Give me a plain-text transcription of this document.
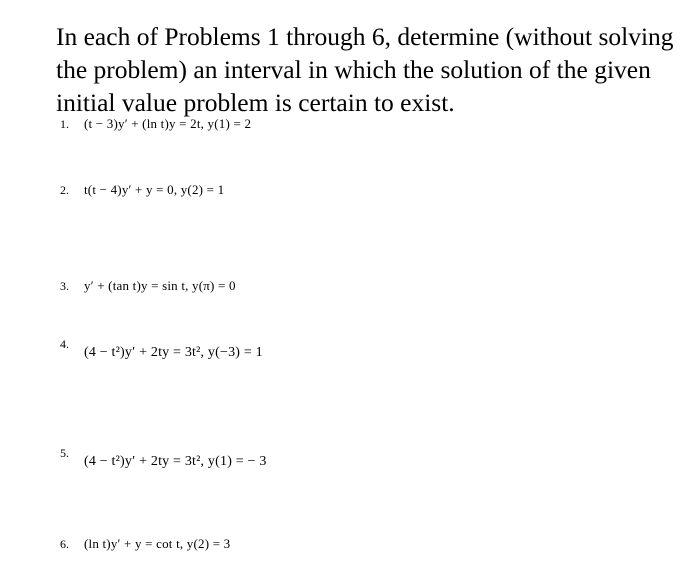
In each of Problems 1 through 6, determine (without solving the problem) an interval in which the solution of the given initial value problem is certain to exist.

1.	(t − 3)y′ + (ln t)y = 2t, y(1) = 2
2.	t(t − 4)y′ + y = 0, y(2) = 1
3.	y′ + (tan t)y = sin t, y(π) = 0
4.
(4 − t²)y′ + 2ty = 3t², y(−3) = 1
5.
(4 − t²)y′ + 2ty = 3t², y(1) = − 3
6.	(ln t)y′ + y = cot t, y(2) = 3
